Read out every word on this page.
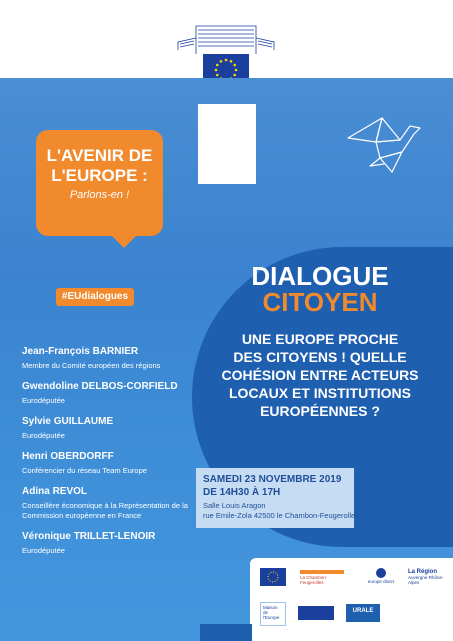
L'AVENIR DE
L'EUROPE :
Parlons-en !
#EUdialogues
DIALOGUE
CITOYEN
UNE EUROPE PROCHE
DES CITOYENS ! QUELLE
COHÉSION ENTRE ACTEURS
LOCAUX ET INSTITUTIONS
EUROPÉENNES ?
Jean-François BARNIER
Membre du Comité européen des régions
Gwendoline DELBOS-CORFIELD
Eurodéputée
Sylvie GUILLAUME
Eurodéputée
Henri OBERDORFF
Conférencier du réseau Team Europe
Adina REVOL
Conseillère économique à la Représentation de la Commission européenne en France
Véronique TRILLET-LENOIR
Eurodéputée
SAMEDI 23 NOVEMBRE 2019
DE 14H30 À 17H
Salle Louis Aragon
rue Emile-Zola 42500 le Chambon-Feugerolles
La Chambon-Feugerolles	europe direct
La Région
Auvergne-Rhône-Alpes
Maison de l'Europe
URALE
